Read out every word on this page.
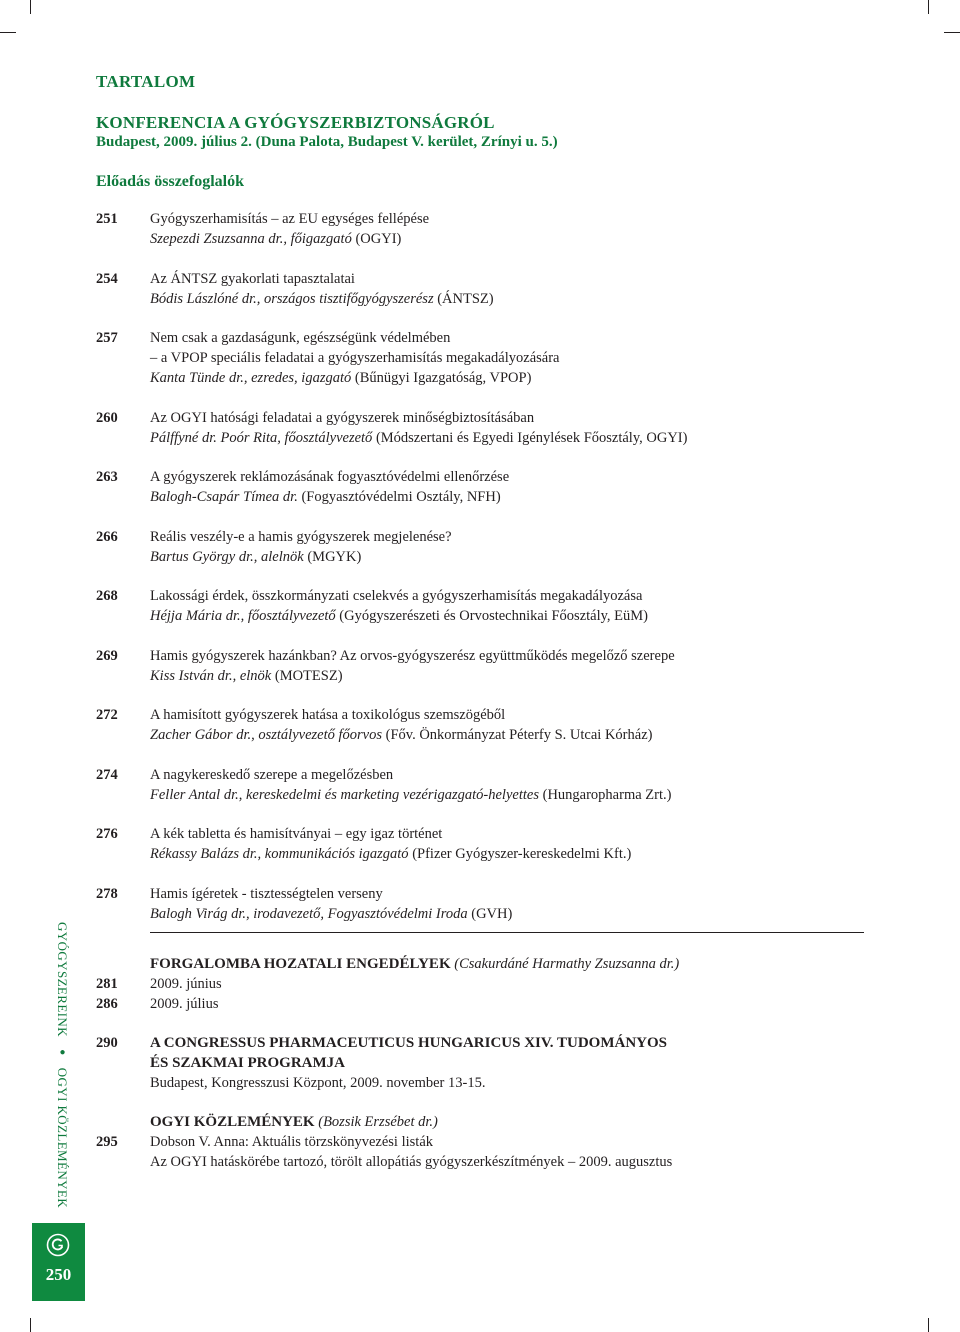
TARTALOM
KONFERENCIA A GYÓGYSZERBIZTONSÁGRÓL
Budapest, 2009. július 2. (Duna Palota, Budapest V. kerület, Zrínyi u. 5.)
Előadás összefoglalók
251	Gyógyszerhamisítás – az EU egységes fellépése
Szepezdi Zsuzsanna dr., főigazgató (OGYI)
254	Az ÁNTSZ gyakorlati tapasztalatai
Bódis Lászlóné dr., országos tisztifőgyógyszerész (ÁNTSZ)
257	Nem csak a gazdaságunk, egészségünk védelmében
– a VPOP speciális feladatai a gyógyszerhamisítás megakadályozására
Kanta Tünde dr., ezredes, igazgató (Bűnügyi Igazgatóság, VPOP)
260	Az OGYI hatósági feladatai a gyógyszerek minőségbiztosításában
Pálffyné dr. Poór Rita, főosztályvezető (Módszertani és Egyedi Igénylések Főosztály, OGYI)
263	A gyógyszerek reklámozásának fogyasztóvédelmi ellenőrzése
Balogh-Csapár Tímea dr. (Fogyasztóvédelmi Osztály, NFH)
266	Reális veszély-e a hamis gyógyszerek megjelenése?
Bartus György dr., alelnök (MGYK)
268	Lakossági érdek, összkormányzati cselekvés a gyógyszerhamisítás megakadályozása
Héjja Mária dr., főosztályvezető (Gyógyszerészeti és Orvostechnikai Főosztály, EüM)
269	Hamis gyógyszerek hazánkban? Az orvos-gyógyszerész együttműködés megelőző szerepe
Kiss István dr., elnök (MOTESZ)
272	A hamisított gyógyszerek hatása a toxikológus szemszögéből
Zacher Gábor dr., osztályvezető főorvos (Főv. Önkormányzat Péterfy S. Utcai Kórház)
274	A nagykereskedő szerepe a megelőzésben
Feller Antal dr., kereskedelmi és marketing vezérigazgató-helyettes (Hungaropharma Zrt.)
276	A kék tabletta és hamisítványai – egy igaz történet
Rékassy Balázs dr., kommunikációs igazgató (Pfizer Gyógyszer-kereskedelmi Kft.)
278	Hamis ígéretek - tisztességtelen verseny
Balogh Virág dr., irodavezető, Fogyasztóvédelmi Iroda (GVH)
FORGALOMBA HOZATALI ENGEDÉLYEK (Csakurdáné Harmathy Zsuzsanna dr.)
281 2009. június
286 2009. július
290 A CONGRESSUS PHARMACEUTICUS HUNGARICUS XIV. TUDOMÁNYOS
ÉS SZAKMAI PROGRAMJA
Budapest, Kongresszusi Központ, 2009. november 13-15.
OGYI KÖZLEMÉNYEK (Bozsik Erzsébet dr.)
295 Dobson V. Anna: Aktuális törzskönyvezési listák
Az OGYI hatáskörébe tartozó, törölt allopátiás gyógyszerkészítmények – 2009. augusztus
GYÓGYSZEREINK ● OGYI KÖZLEMÉNYEK
250
